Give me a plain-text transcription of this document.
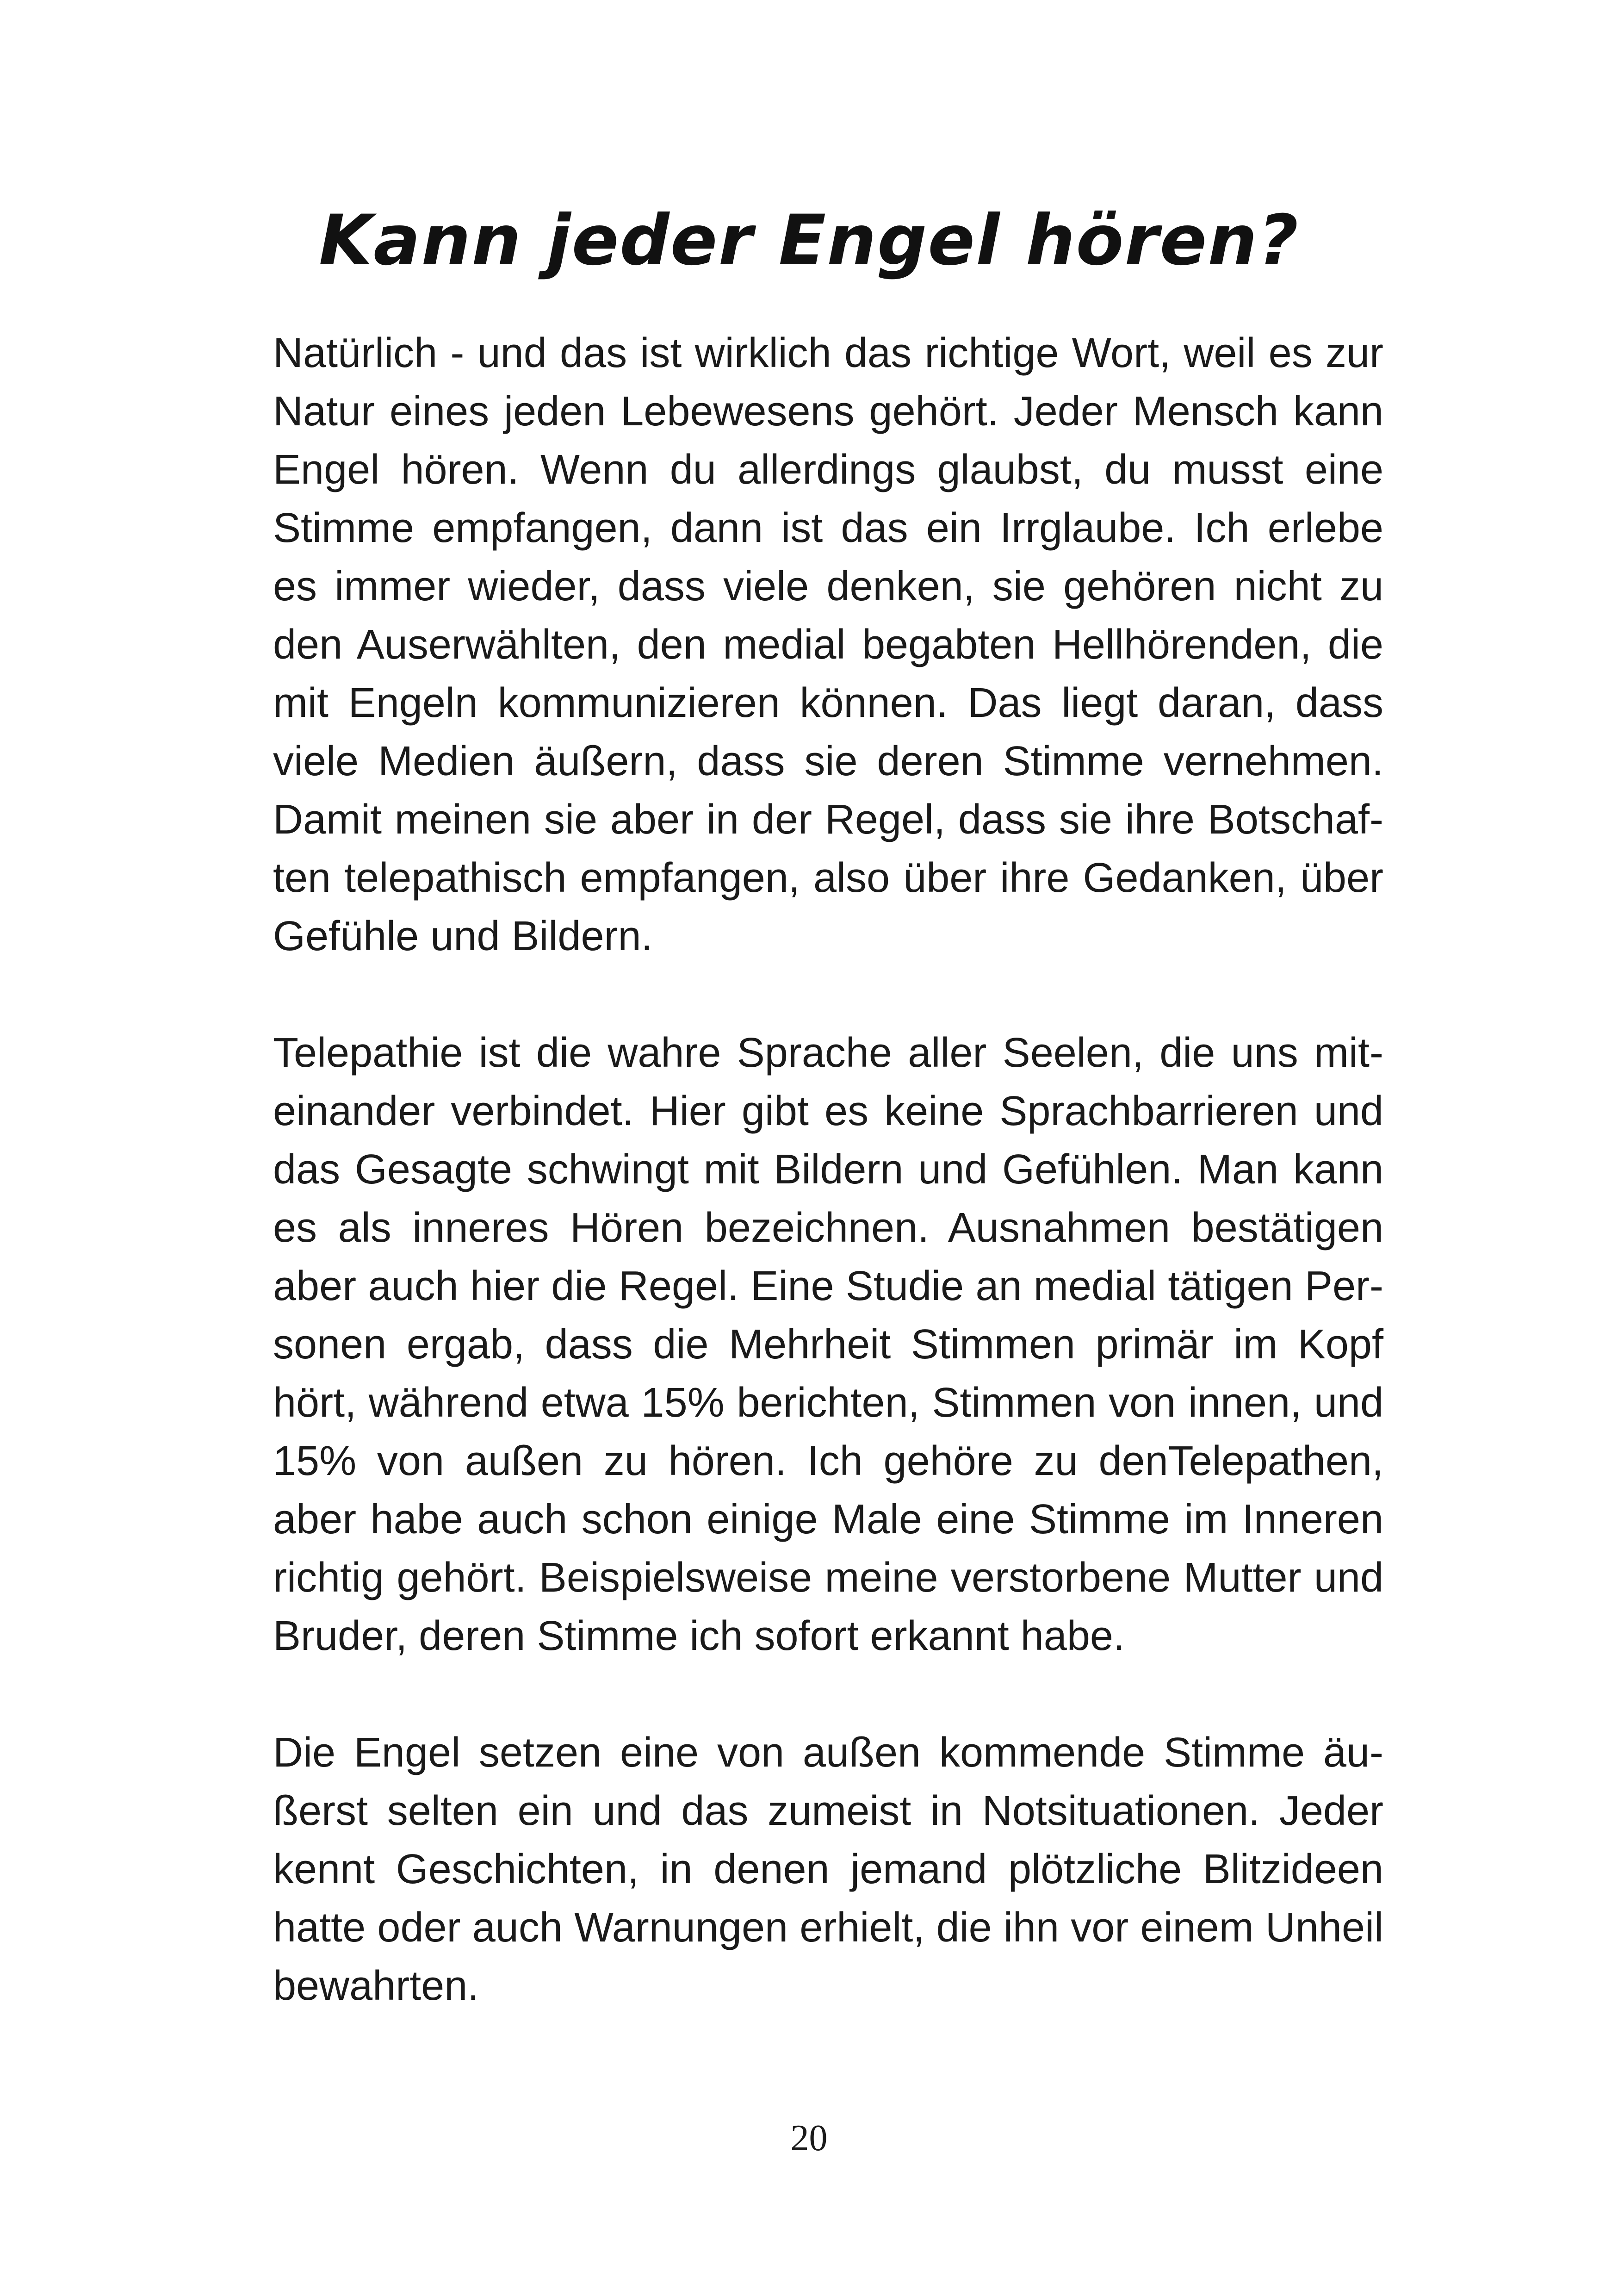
Kann jeder Engel hören?

Natürlich - und das ist wirklich das richtige Wort, weil es zur Natur eines jeden Lebewesens gehört. Jeder Mensch kann Engel hören. Wenn du allerdings glaubst, du musst eine Stimme empfangen, dann ist das ein Irrglaube. Ich erlebe es immer wieder, dass viele denken, sie gehören nicht zu den Auserwählten, den medial begabten Hellhörenden, die mit Engeln kommunizieren können. Das liegt daran, dass viele Medien äußern, dass sie deren Stimme vernehmen. Damit meinen sie aber in der Regel, dass sie ihre Botschaften telepathisch empfangen, also über ihre Gedanken, über Gefühle und Bildern.

Telepathie ist die wahre Sprache aller Seelen, die uns miteinander verbindet. Hier gibt es keine Sprachbarrieren und das Gesagte schwingt mit Bildern und Gefühlen. Man kann es als inneres Hören bezeichnen. Ausnahmen bestätigen aber auch hier die Regel. Eine Studie an medial tätigen Personen ergab, dass die Mehrheit Stimmen primär im Kopf hört, während etwa 15% berichten, Stimmen von innen, und 15% von außen zu hören. Ich gehöre zu denTelepathen, aber habe auch schon einige Male eine Stimme im Inneren richtig gehört. Beispielsweise meine verstorbene Mutter und Bruder, deren Stimme ich sofort erkannt habe.

Die Engel setzen eine von außen kommende Stimme äußerst selten ein und das zumeist in Notsituationen. Jeder kennt Geschichten, in denen jemand plötzliche Blitzideen hatte oder auch Warnungen erhielt, die ihn vor einem Unheil bewahrten.

20
